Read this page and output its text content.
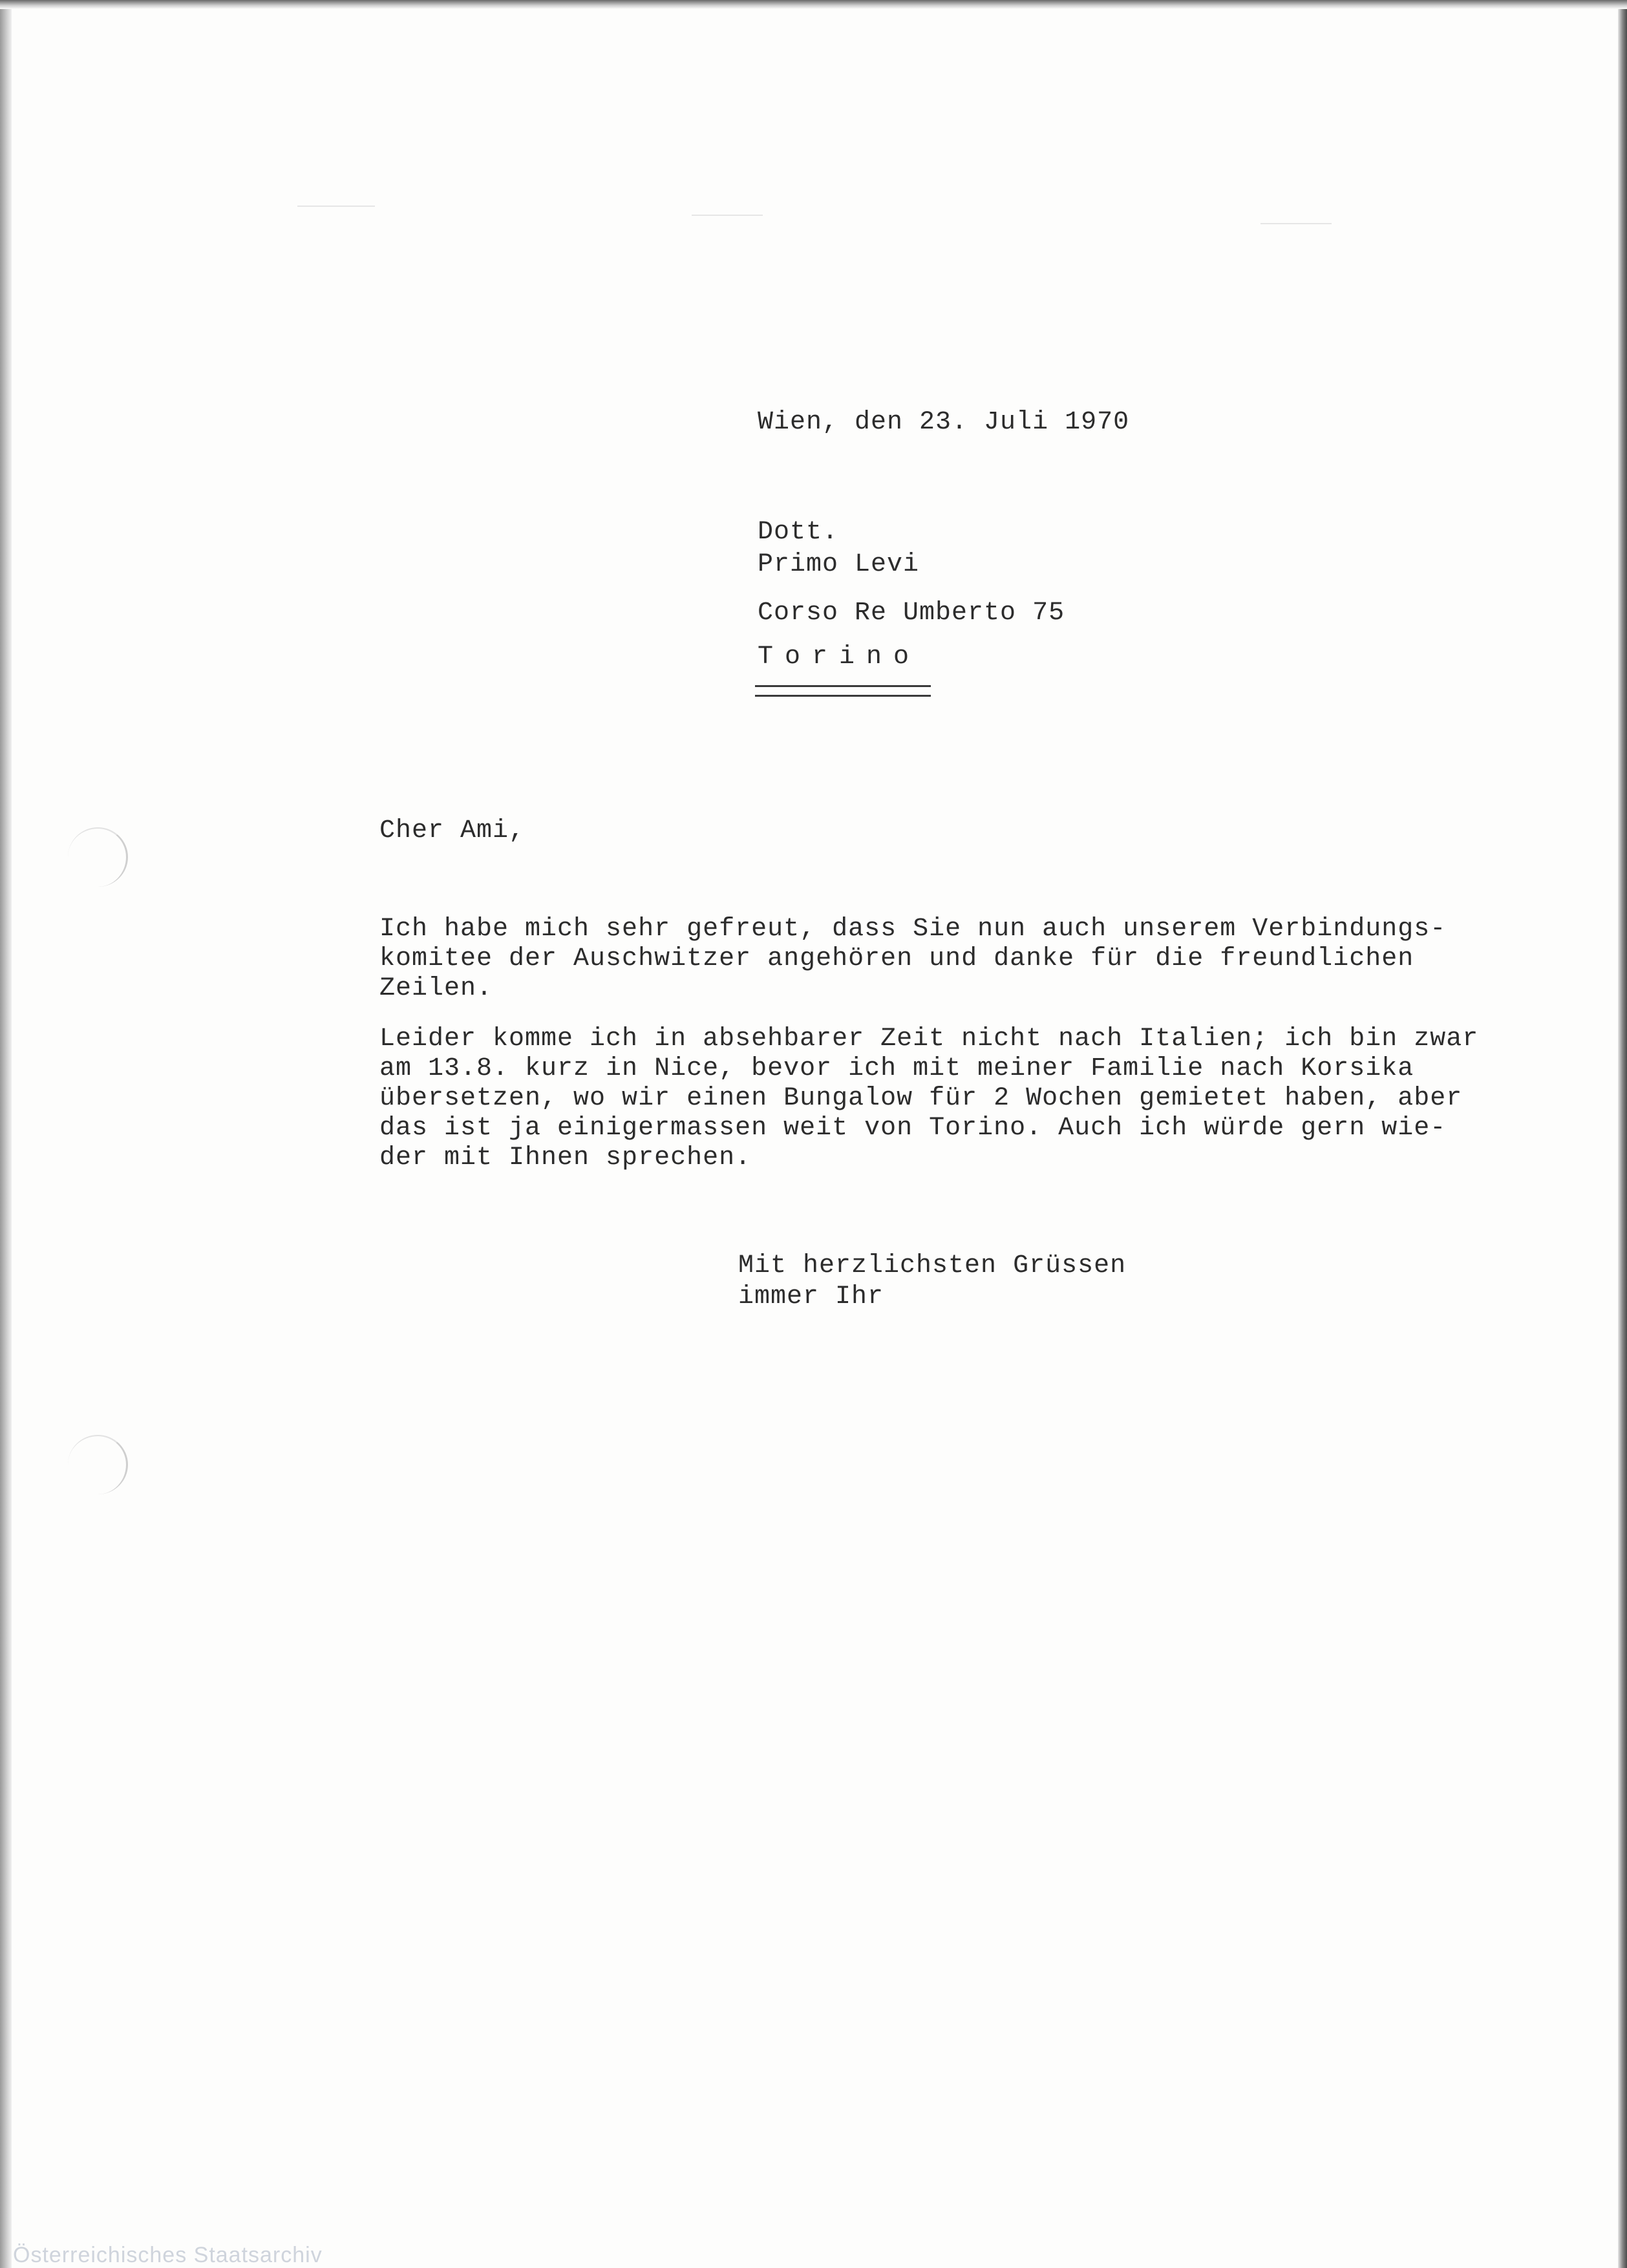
Wien, den 23. Juli 1970
Dott.
Primo Levi
Corso Re Umberto 75
Torino
Cher Ami,
Ich habe mich sehr gefreut, dass Sie nun auch unserem Verbindungs-
komitee der Auschwitzer angehören und danke für die freundlichen
Zeilen.
Leider komme ich in absehbarer Zeit nicht nach Italien; ich bin zwar
am 13.8. kurz in Nice, bevor ich mit meiner Familie nach Korsika
übersetzen, wo wir einen Bungalow für 2 Wochen gemietet haben, aber
das ist ja einigermassen weit von Torino. Auch ich würde gern wie-
der mit Ihnen sprechen.
Mit herzlichsten Grüssen
immer Ihr
Österreichisches Staatsarchiv
